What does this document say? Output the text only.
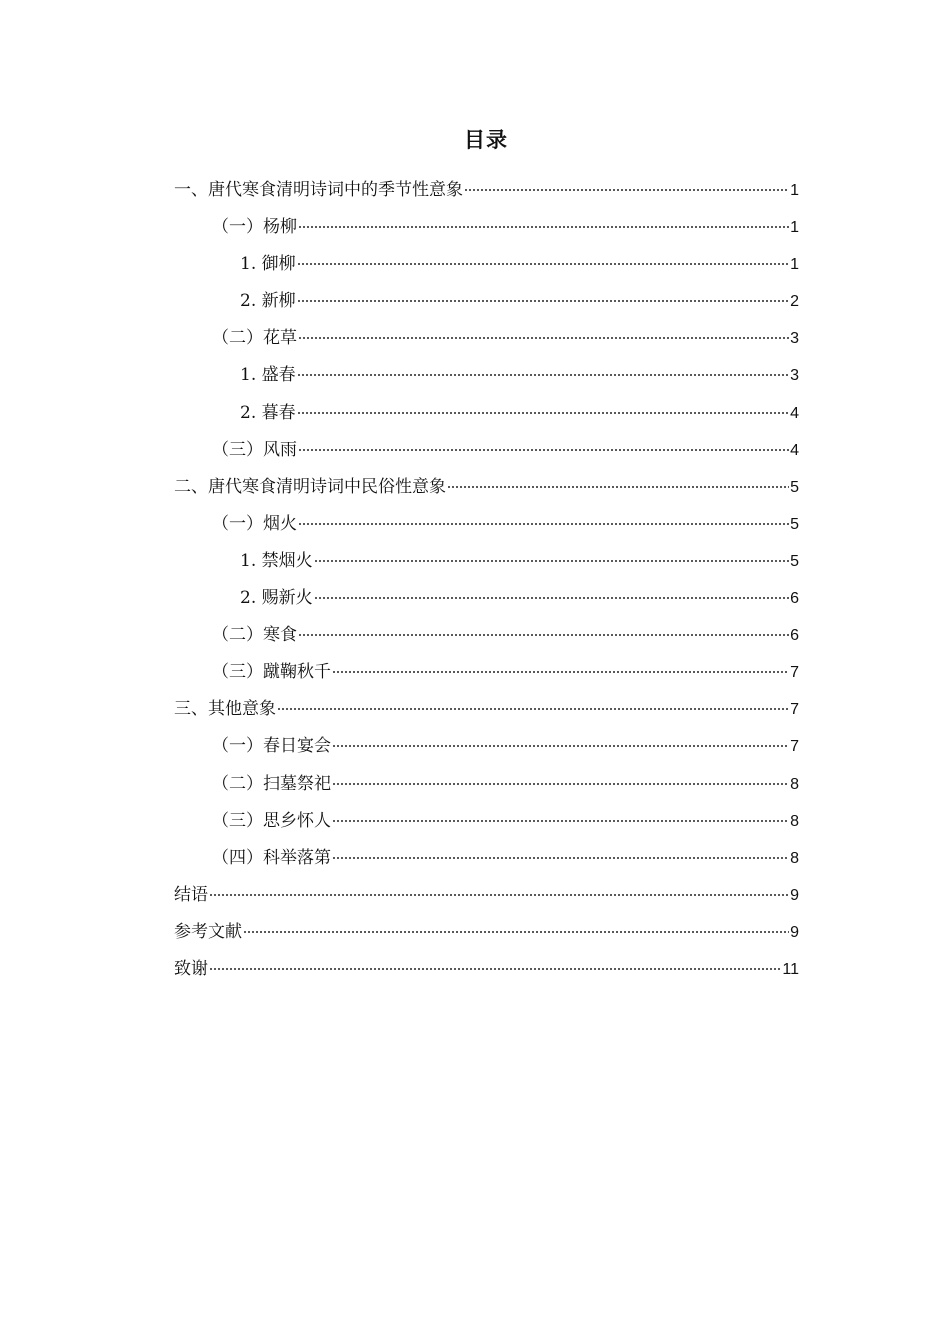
目录
一、唐代寒食清明诗词中的季节性意象	1
（一）杨柳	1
1. 御柳	1
2. 新柳	2
（二）花草	3
1. 盛春	3
2. 暮春	4
（三）风雨	4
二、唐代寒食清明诗词中民俗性意象	5
（一）烟火	5
1. 禁烟火	5
2. 赐新火	6
（二）寒食	6
（三）蹴鞠秋千	7
三、其他意象	7
（一）春日宴会	7
（二）扫墓祭祀	8
（三）思乡怀人	8
（四）科举落第	8
结语	9
参考文献	9
致谢	11
